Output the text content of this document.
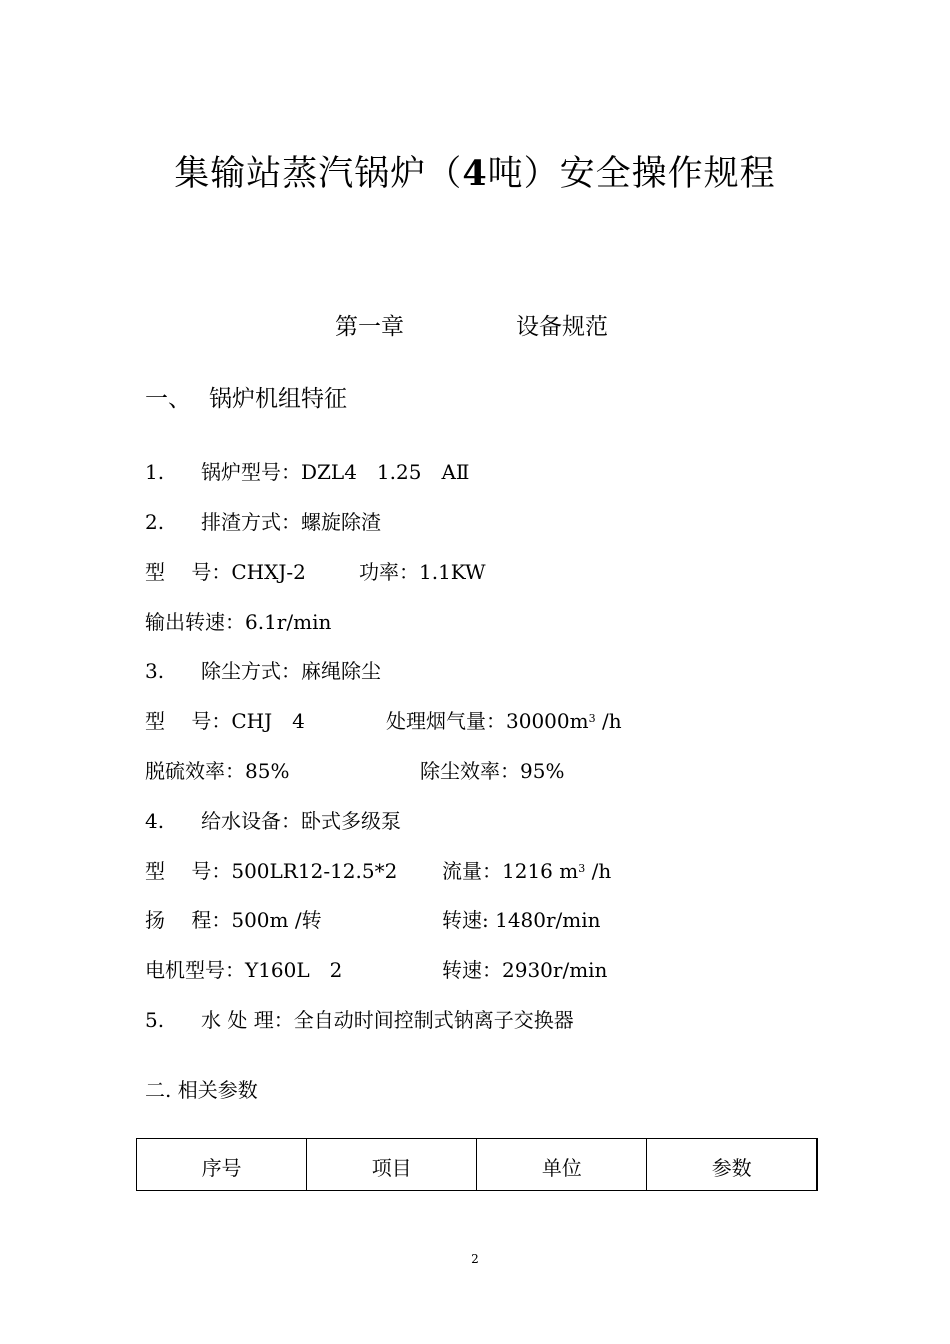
集输站蒸汽锅炉（4吨）安全操作规程
第一章	设备规范
一、 锅炉机组特征
1. 锅炉型号：DZL4　1.25　AⅡ
2. 排渣方式：螺旋除渣
型　 号：CHXJ-2	功率：1.1KW
输出转速：6.1r/min
3. 除尘方式：麻绳除尘
型　 号：CHJ　4	处理烟气量：$30000m^3$ /h
脱硫效率：85%	除尘效率：95%
4. 给水设备：卧式多级泵
型　 号：500LR12-12.5*2 流量：1216 $m^3$ /h
扬　 程：500m /转	转速: 1480r/min
电机型号：Y160L　2	转速：2930r/min
5. 水 处 理：全自动时间控制式钠离子交换器
二. 相关参数
序号	项目	单位	参数
2
